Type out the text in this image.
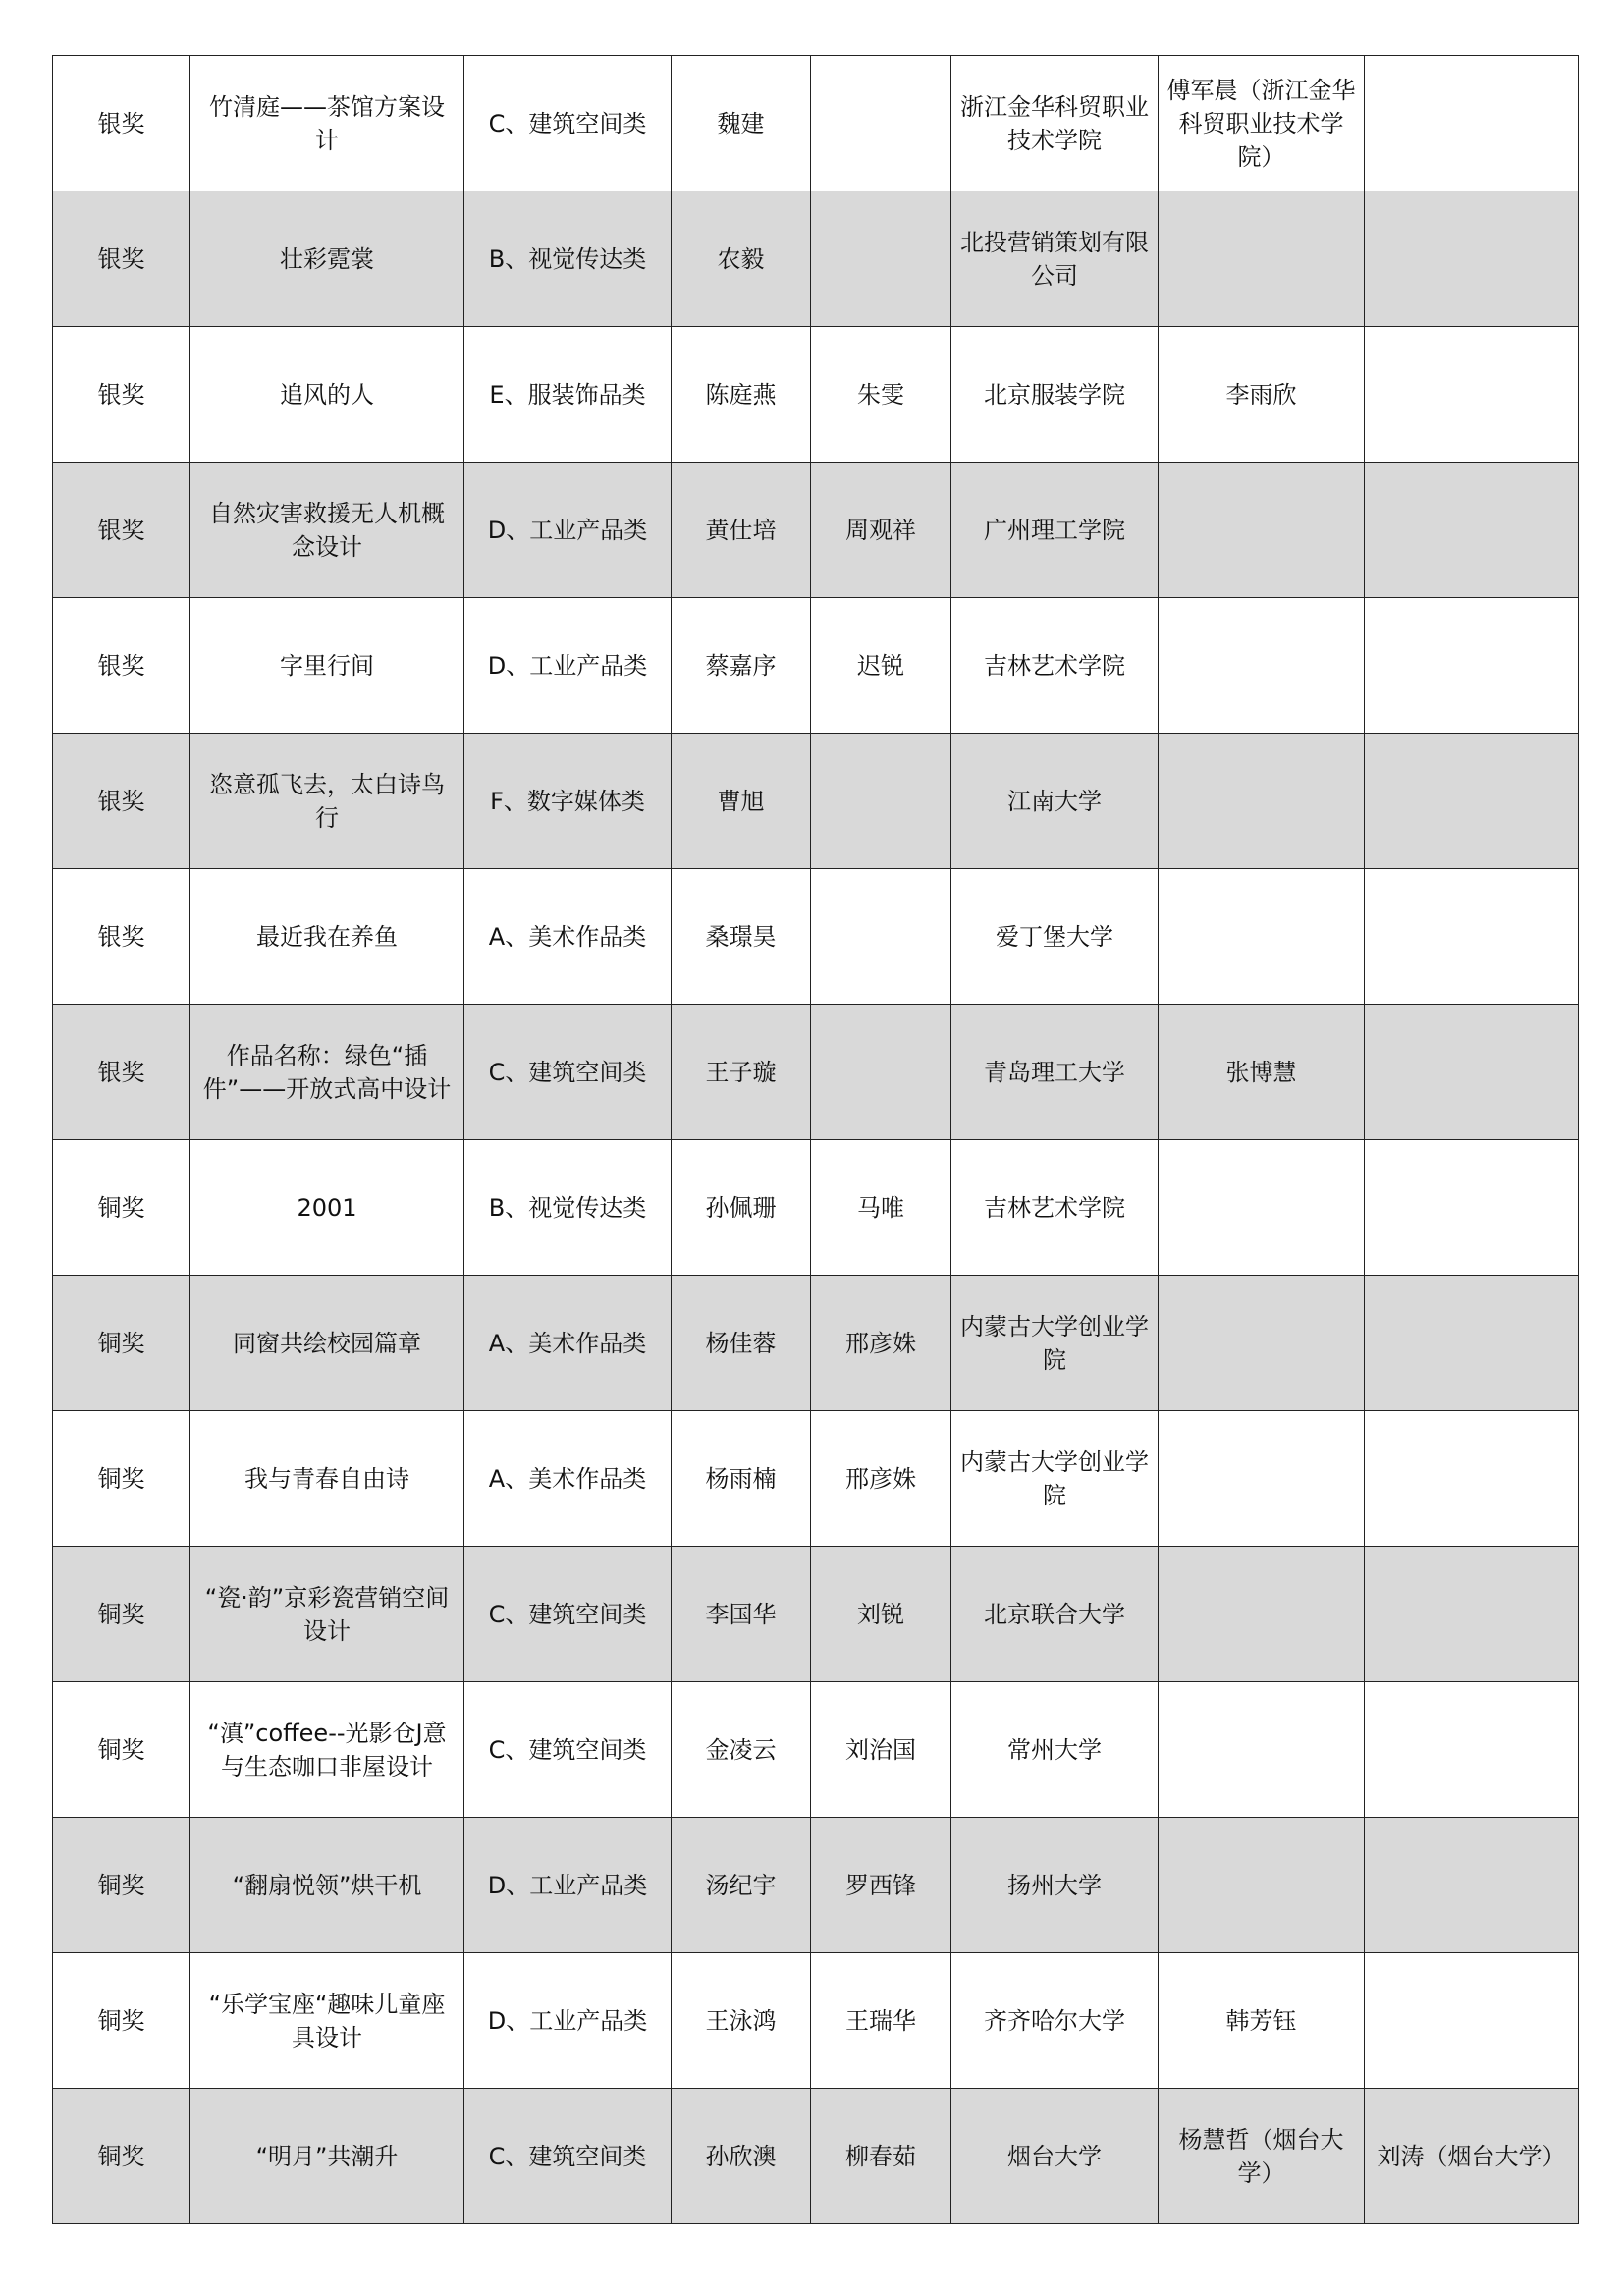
银奖	竹清庭——茶馆方案设计	C、建筑空间类	魏建		浙江金华科贸职业技术学院	傅军晨（浙江金华科贸职业技术学院）	
银奖	壮彩霓裳	B、视觉传达类	农毅		北投营销策划有限公司		
银奖	追风的人	E、服装饰品类	陈庭燕	朱雯	北京服装学院	李雨欣	
银奖	自然灾害救援无人机概念设计	D、工业产品类	黄仕培	周观祥	广州理工学院		
银奖	字里行间	D、工业产品类	蔡嘉序	迟锐	吉林艺术学院		
银奖	恣意孤飞去，太白诗鸟行	F、数字媒体类	曹旭		江南大学		
银奖	最近我在养鱼	A、美术作品类	桑璟昊		爱丁堡大学		
银奖	作品名称：绿色“插件”——开放式高中设计	C、建筑空间类	王子璇		青岛理工大学	张博慧	
铜奖	2001	B、视觉传达类	孙佩珊	马唯	吉林艺术学院		
铜奖	同窗共绘校园篇章	A、美术作品类	杨佳蓉	邢彦姝	内蒙古大学创业学院		
铜奖	我与青春自由诗	A、美术作品类	杨雨楠	邢彦姝	内蒙古大学创业学院		
铜奖	“瓷·韵”京彩瓷营销空间设计	C、建筑空间类	李国华	刘锐	北京联合大学		
铜奖	“滇”coffee--光影仓J意与生态咖口非屋设计	C、建筑空间类	金凌云	刘治国	常州大学		
铜奖	“翻扇悦领”烘干机	D、工业产品类	汤纪宇	罗西锋	扬州大学		
铜奖	“乐学宝座“趣味儿童座具设计	D、工业产品类	王泳鸿	王瑞华	齐齐哈尔大学	韩芳钰	
铜奖	“明月”共潮升	C、建筑空间类	孙欣澳	柳春茹	烟台大学	杨慧哲（烟台大学）	刘涛（烟台大学）
